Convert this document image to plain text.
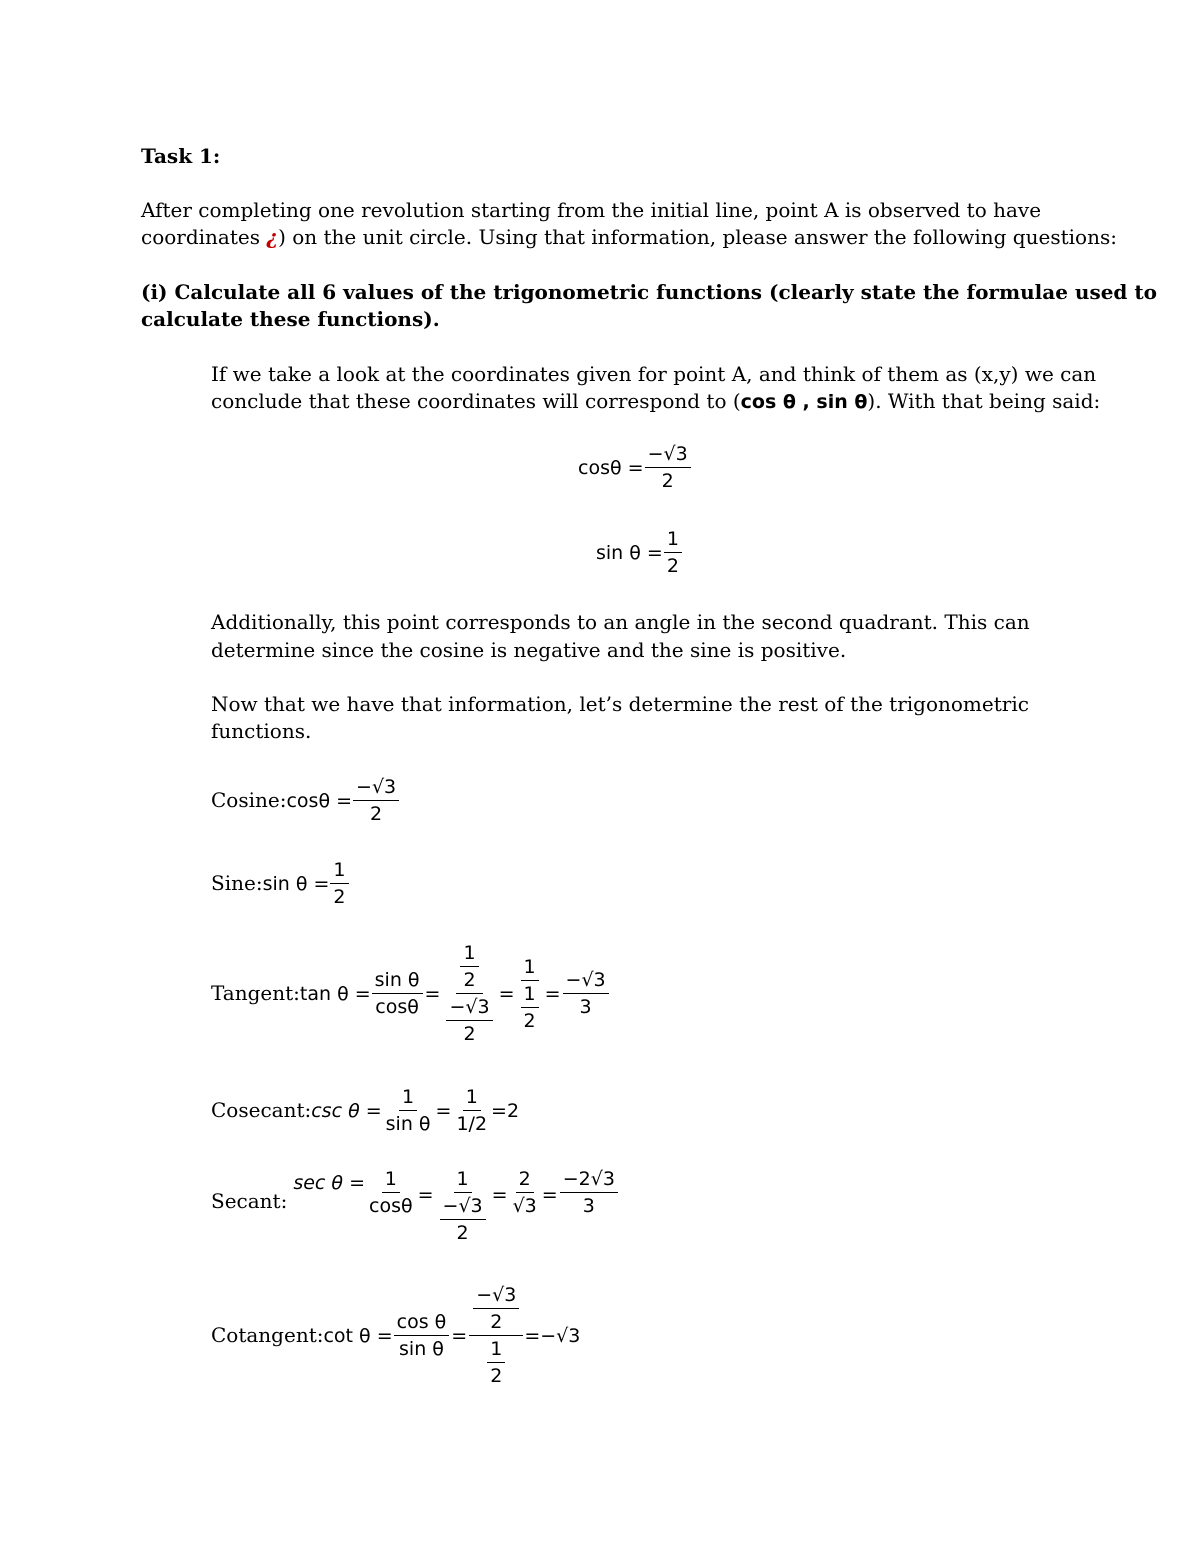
Task 1:
After completing one revolution starting from the initial line, point A is observed to have
coordinates ¿) on the unit circle. Using that information, please answer the following questions:
(i) Calculate all 6 values of the trigonometric functions (clearly state the formulae used to
calculate these functions).
If we take a look at the coordinates given for point A, and think of them as (x,y) we can
conclude that these coordinates will correspond to (cos θ , sin θ). With that being said:
$\cos\theta = \frac{-√3}{2}$
$\sin \theta = \frac{1}{2}$
Additionally, this point corresponds to an angle in the second quadrant. This can
determine since the cosine is negative and the sine is positive.
Now that we have that information, let’s determine the rest of the trigonometric
functions.
Cosine: $\cos\theta = \frac{-√3}{2}$
Sine: $\sin \theta = \frac{1}{2}$
Tangent: $\tan \theta = \frac{\text{sin θ}}{\cos\theta} = \frac{\frac{1}{2}}{\frac{-√3}{2}} = \frac{1}{\frac{1}{2}} = \frac{-√3}{3}$
Cosecant: $\csc \theta = \frac{1}{\text{sin θ}} = \frac{1}{1/2} =2$
Secant:
$\sec \theta = \frac{1}{\cos\theta} = \frac{1}{\frac{-√3}{2}} = \frac{2}{√3} = \frac{-2√3}{3}$
Cotangent: $\cot \theta = \frac{\text{cos θ}}{\text{sin θ}} = \frac{\frac{-√3}{2}}{\frac{1}{2}} =-√3$
